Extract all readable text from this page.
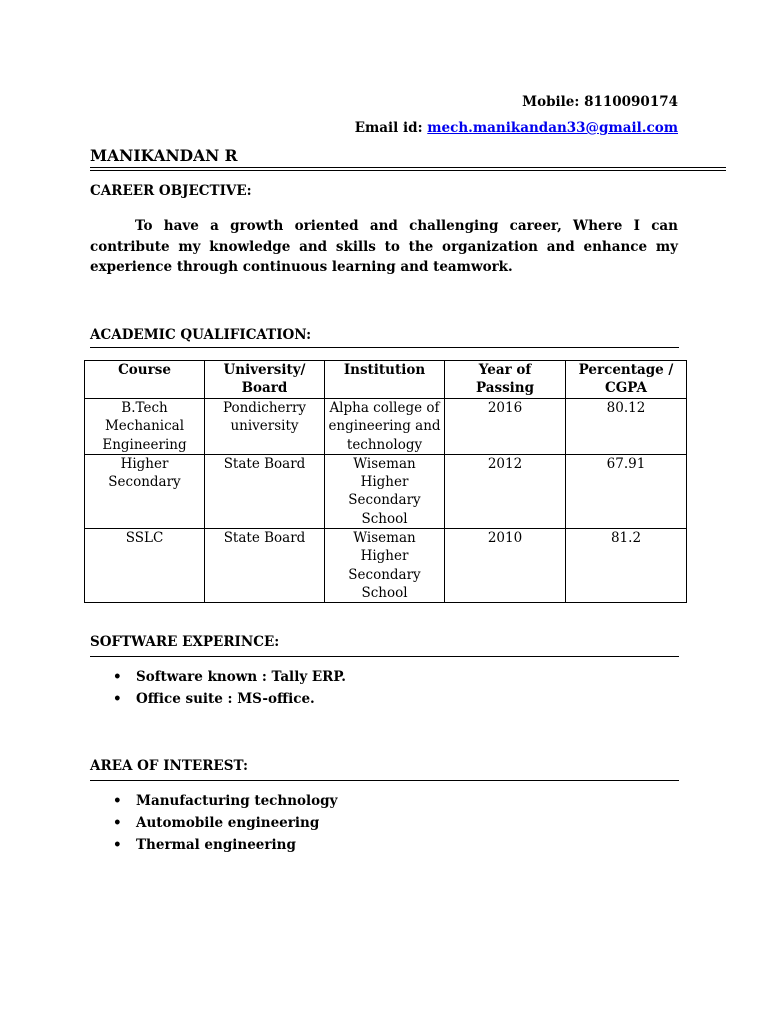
Mobile: 8110090174
Email id: mech.manikandan33@gmail.com
MANIKANDAN R
CAREER OBJECTIVE:

To have a growth oriented and challenging career, Where I can contribute my knowledge and skills to the organization and enhance my experience through continuous learning and teamwork.

ACADEMIC QUALIFICATION:
Course	University/ Board	Institution	Year of Passing	Percentage / CGPA
B.Tech Mechanical Engineering	Pondicherry university	Alpha college of engineering and technology	2016	80.12
Higher Secondary	State Board	Wiseman Higher Secondary School	2012	67.91
SSLC	State Board	Wiseman Higher Secondary School	2010	81.2
SOFTWARE EXPERINCE:
• Software known : Tally ERP.
• Office suite : MS-office.
AREA OF INTEREST:
• Manufacturing technology
• Automobile engineering
• Thermal engineering
